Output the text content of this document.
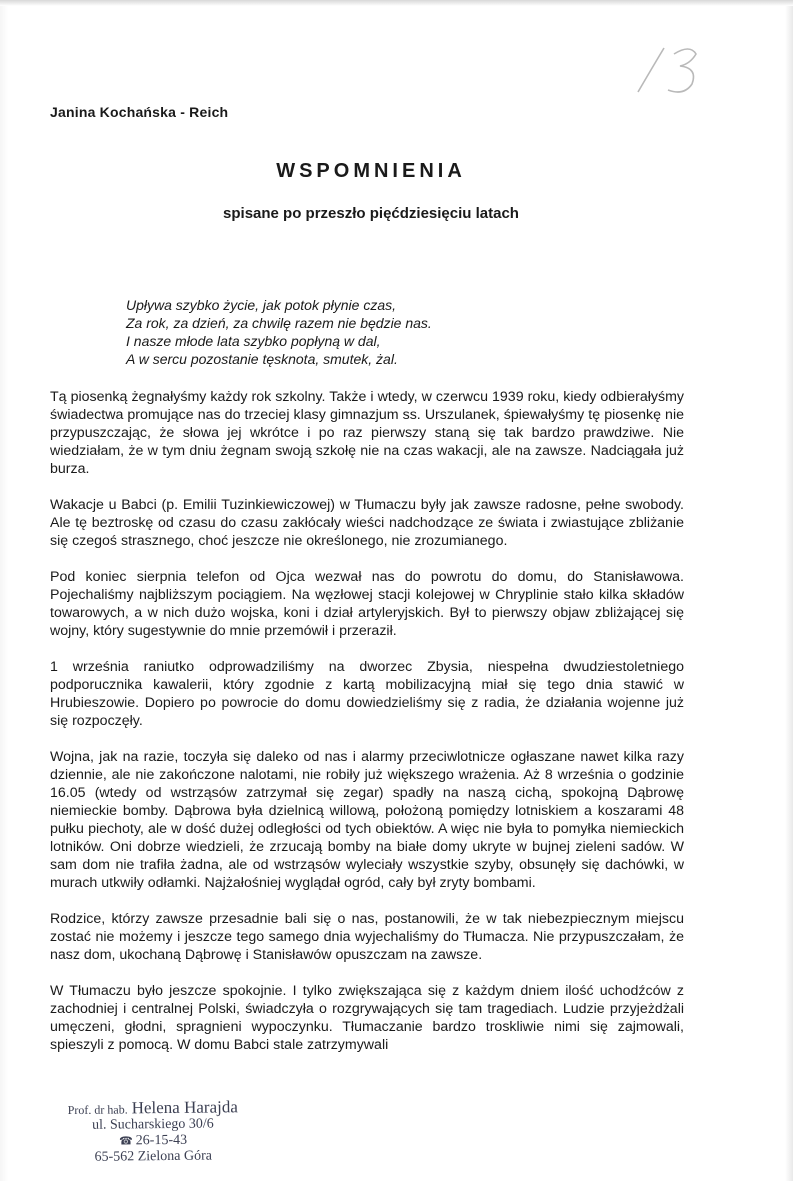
Janina Kochańska - Reich
WSPOMNIENIA
spisane po przeszło pięćdziesięciu latach
Upływa szybko życie, jak potok płynie czas,
Za rok, za dzień, za chwilę razem nie będzie nas.
I nasze młode lata szybko popłyną w dal,
A w sercu pozostanie tęsknota, smutek, żal.

Tą piosenką żegnałyśmy każdy rok szkolny. Także i wtedy, w czerwcu 1939 roku, kiedy odbierałyśmy świadectwa promujące nas do trzeciej klasy gimnazjum ss. Urszulanek, śpiewałyśmy tę piosenkę nie przypuszczając, że słowa jej wkrótce i po raz pierwszy staną się tak bardzo prawdziwe. Nie wiedziałam, że w tym dniu żegnam swoją szkołę nie na czas wakacji, ale na zawsze. Nadciągała już burza.

Wakacje u Babci (p. Emilii Tuzinkiewiczowej) w Tłumaczu były jak zawsze radosne, pełne swobody. Ale tę beztroskę od czasu do czasu zakłócały wieści nadchodzące ze świata i zwiastujące zbliżanie się czegoś strasznego, choć jeszcze nie określonego, nie zrozumianego.

Pod koniec sierpnia telefon od Ojca wezwał nas do powrotu do domu, do Stanisławowa. Pojechaliśmy najbliższym pociągiem. Na węzłowej stacji kolejowej w Chryplinie stało kilka składów towarowych, a w nich dużo wojska, koni i dział artyleryjskich. Był to pierwszy objaw zbliżającej się wojny, który sugestywnie do mnie przemówił i przeraził.

1 września raniutko odprowadziliśmy na dworzec Zbysia, niespełna dwudziestoletniego podporucznika kawalerii, który zgodnie z kartą mobilizacyjną miał się tego dnia stawić w Hrubieszowie. Dopiero po powrocie do domu dowiedzieliśmy się z radia, że działania wojenne już się rozpoczęły.

Wojna, jak na razie, toczyła się daleko od nas i alarmy przeciwlotnicze ogłaszane nawet kilka razy dziennie, ale nie zakończone nalotami, nie robiły już większego wrażenia. Aż 8 września o godzinie 16.05 (wtedy od wstrząsów zatrzymał się zegar) spadły na naszą cichą, spokojną Dąbrowę niemieckie bomby. Dąbrowa była dzielnicą willową, położoną pomiędzy lotniskiem a koszarami 48 pułku piechoty, ale w dość dużej odległości od tych obiektów. A więc nie była to pomyłka niemieckich lotników. Oni dobrze wiedzieli, że zrzucają bomby na białe domy ukryte w bujnej zieleni sadów. W sam dom nie trafiła żadna, ale od wstrząsów wyleciały wszystkie szyby, obsunęły się dachówki, w murach utkwiły odłamki. Najżałośniej wyglądał ogród, cały był zryty bombami.

Rodzice, którzy zawsze przesadnie bali się o nas, postanowili, że w tak niebezpiecznym miejscu zostać nie możemy i jeszcze tego samego dnia wyjechaliśmy do Tłumacza. Nie przypuszczałam, że nasz dom, ukochaną Dąbrowę i Stanisławów opuszczam na zawsze.

W Tłumaczu było jeszcze spokojnie. I tylko zwiększająca się z każdym dniem ilość uchodźców z zachodniej i centralnej Polski, świadczyła o rozgrywających się tam tragediach. Ludzie przyjeżdżali umęczeni, głodni, spragnieni wypoczynku. Tłumaczanie bardzo troskliwie nimi się zajmowali, spieszyli z pomocą. W domu Babci stale zatrzymywali

Prof. dr hab. Helena Harajda
ul. Sucharskiego 30/6
☎ 26-15-43
65-562 Zielona Góra
